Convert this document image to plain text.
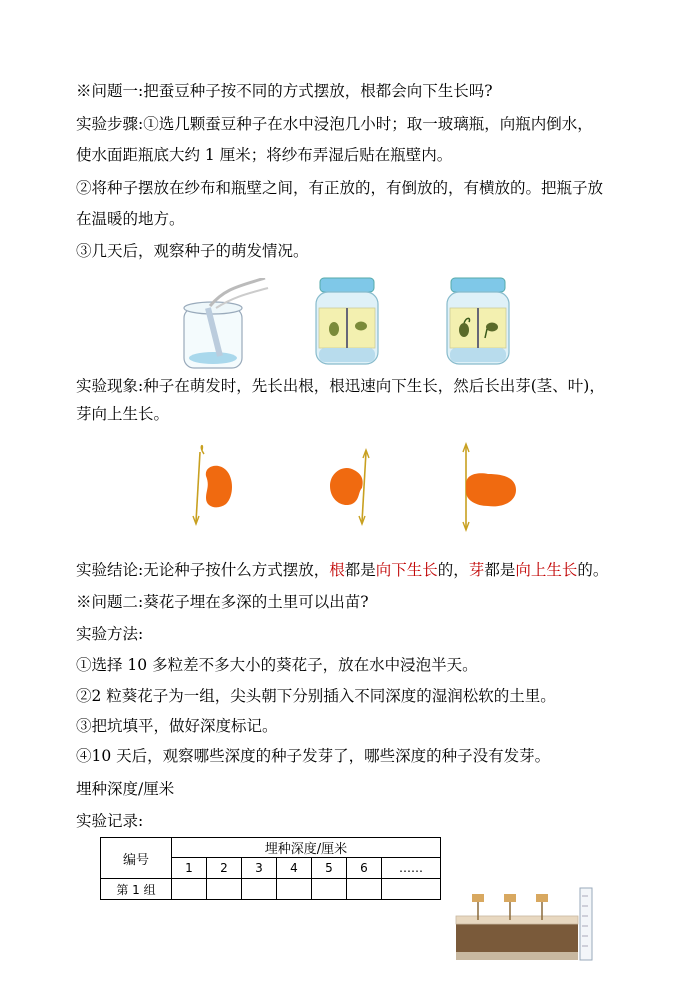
※问题一:把蚕豆种子按不同的方式摆放，根都会向下生长吗?
实验步骤:①选几颗蚕豆种子在水中浸泡几小时；取一玻璃瓶，向瓶内倒水，
使水面距瓶底大约 1 厘米；将纱布弄湿后贴在瓶壁内。
②将种子摆放在纱布和瓶壁之间，有正放的，有倒放的，有横放的。把瓶子放
在温暖的地方。
③几天后，观察种子的萌发情况。
实验现象:种子在萌发时，先长出根，根迅速向下生长，然后长出芽(茎、叶)，
芽向上生长。
实验结论:无论种子按什么方式摆放，根都是向下生长的，芽都是向上生长的。
※问题二:葵花子埋在多深的土里可以出苗?
实验方法:
①选择 10 多粒差不多大小的葵花子，放在水中浸泡半天。
②2 粒葵花子为一组，尖头朝下分别插入不同深度的湿润松软的土里。
③把坑填平，做好深度标记。
④10 天后，观察哪些深度的种子发芽了，哪些深度的种子没有发芽。
埋种深度/厘米
实验记录:
编号	埋种深度/厘米						
	1	2	3	4	5	6	……
第 1 组							
